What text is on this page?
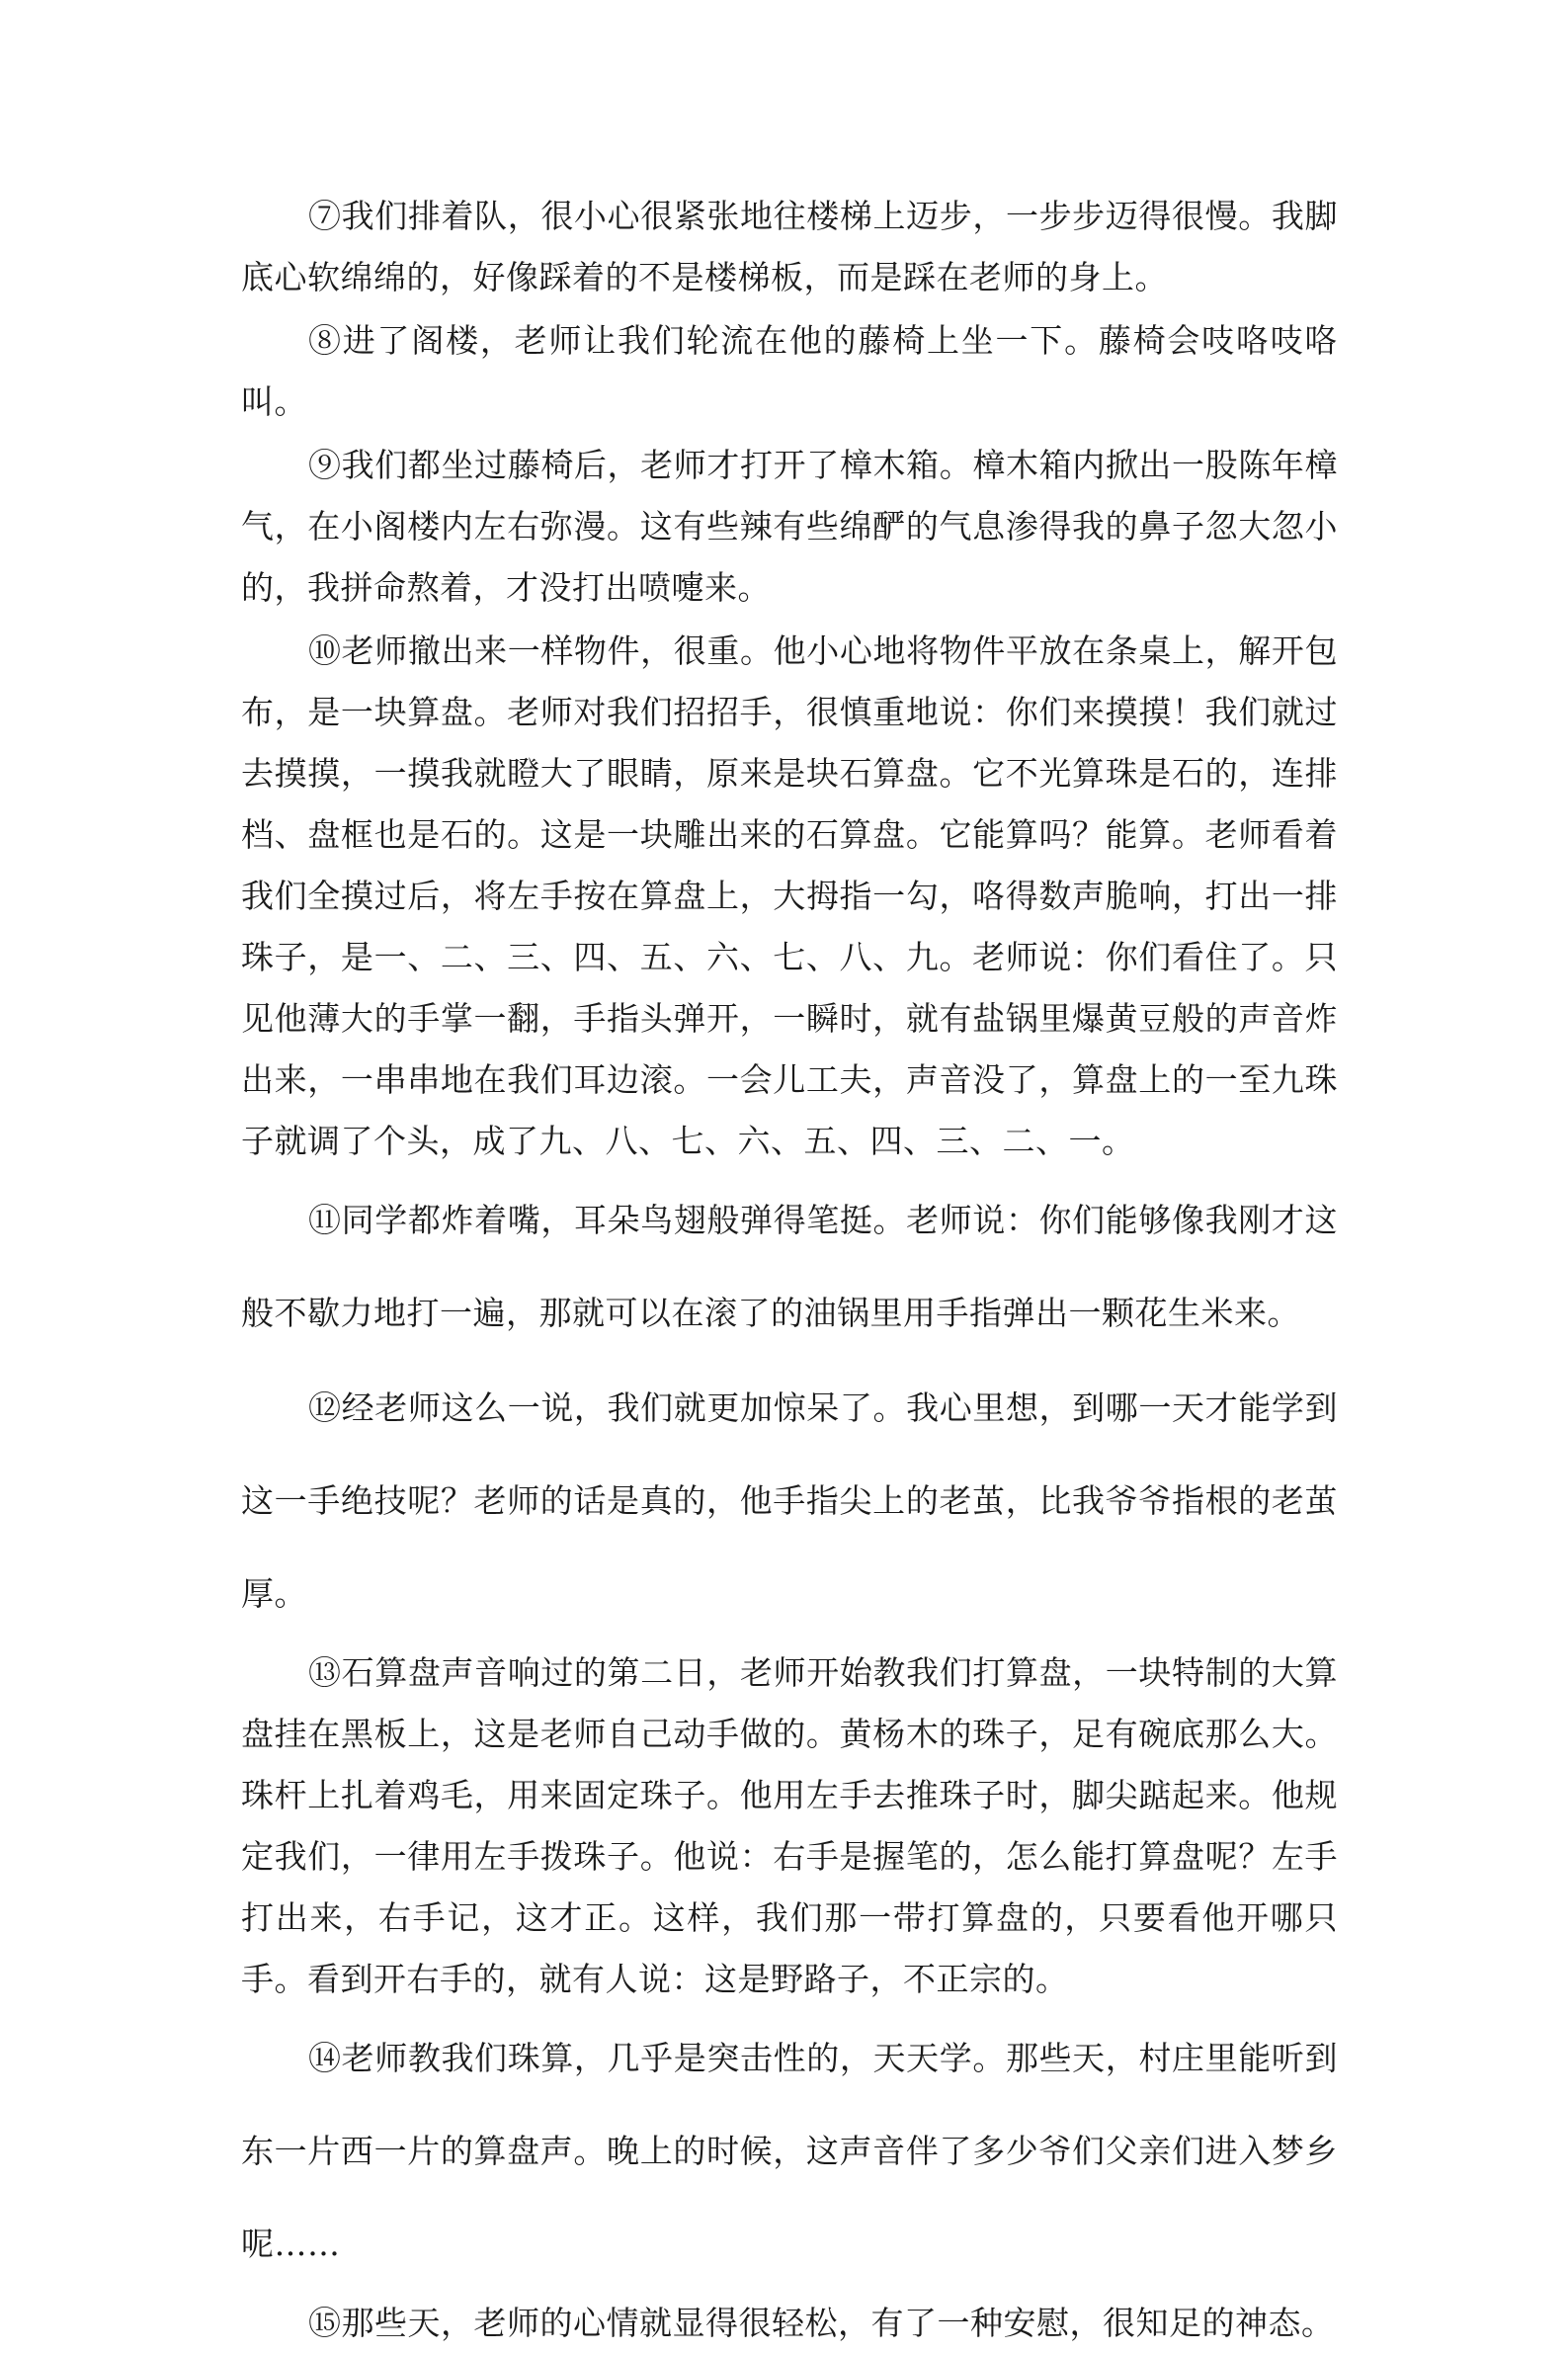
⑦我们排着队，很小心很紧张地往楼梯上迈步，一步步迈得很慢。我脚底心软绵绵的，好像踩着的不是楼梯板，而是踩在老师的身上。

⑧进了阁楼，老师让我们轮流在他的藤椅上坐一下。藤椅会吱咯吱咯叫。

⑨我们都坐过藤椅后，老师才打开了樟木箱。樟木箱内掀出一股陈年樟气，在小阁楼内左右弥漫。这有些辣有些绵酽的气息渗得我的鼻子忽大忽小的，我拼命熬着，才没打出喷嚏来。

⑩老师撤出来一样物件，很重。他小心地将物件平放在条桌上，解开包布，是一块算盘。老师对我们招招手，很慎重地说：你们来摸摸！我们就过去摸摸，一摸我就瞪大了眼睛，原来是块石算盘。它不光算珠是石的，连排档、盘框也是石的。这是一块雕出来的石算盘。它能算吗？能算。老师看着我们全摸过后，将左手按在算盘上，大拇指一勾，咯得数声脆响，打出一排珠子，是一、二、三、四、五、六、七、八、九。老师说：你们看住了。只见他薄大的手掌一翻，手指头弹开，一瞬时，就有盐锅里爆黄豆般的声音炸出来，一串串地在我们耳边滚。一会儿工夫，声音没了，算盘上的一至九珠子就调了个头，成了九、八、七、六、五、四、三、二、一。

⑪同学都炸着嘴，耳朵鸟翅般弹得笔挺。老师说：你们能够像我刚才这般不歇力地打一遍，那就可以在滚了的油锅里用手指弹出一颗花生米来。

⑫经老师这么一说，我们就更加惊呆了。我心里想，到哪一天才能学到这一手绝技呢？老师的话是真的，他手指尖上的老茧，比我爷爷指根的老茧厚。

⑬石算盘声音响过的第二日，老师开始教我们打算盘，一块特制的大算盘挂在黑板上，这是老师自己动手做的。黄杨木的珠子，足有碗底那么大。珠杆上扎着鸡毛，用来固定珠子。他用左手去推珠子时，脚尖踮起来。他规定我们，一律用左手拨珠子。他说：右手是握笔的，怎么能打算盘呢？左手打出来，右手记，这才正。这样，我们那一带打算盘的，只要看他开哪只手。看到开右手的，就有人说：这是野路子，不正宗的。

⑭老师教我们珠算，几乎是突击性的，天天学。那些天，村庄里能听到东一片西一片的算盘声。晚上的时候，这声音伴了多少爷们父亲们进入梦乡呢……

⑮那些天，老师的心情就显得很轻松，有了一种安慰，很知足的神态。
